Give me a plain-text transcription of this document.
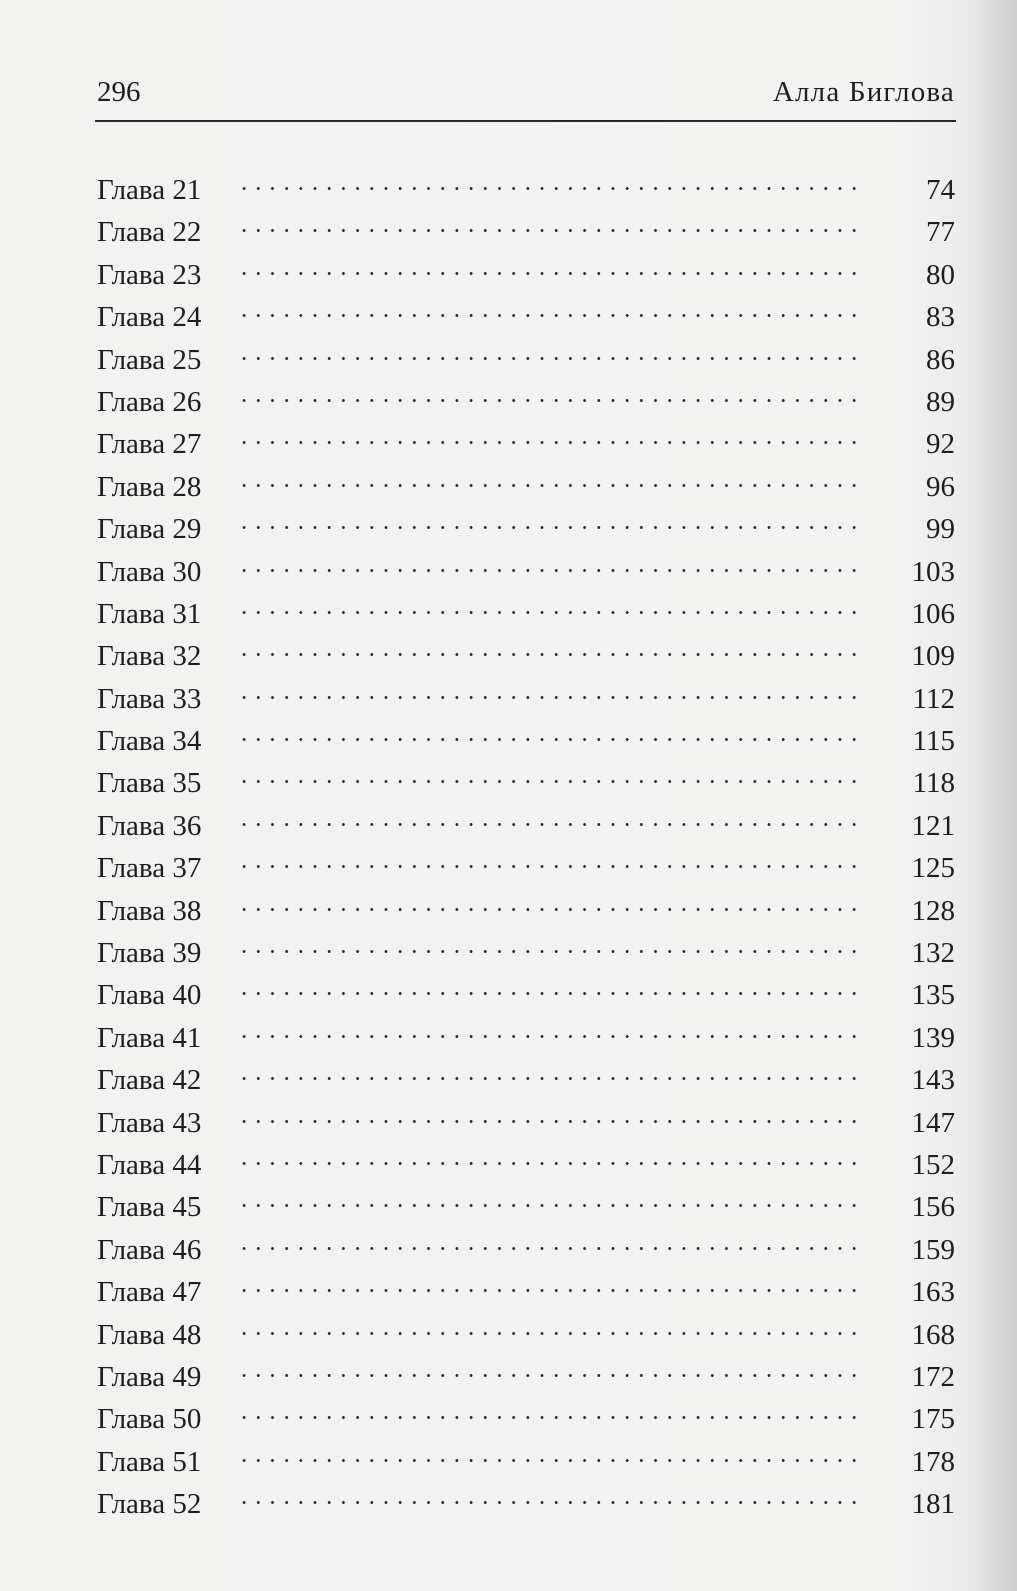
296	Алла Биглова
Глава 21	74
Глава 22	77
Глава 23	80
Глава 24	83
Глава 25	86
Глава 26	89
Глава 27	92
Глава 28	96
Глава 29	99
Глава 30	103
Глава 31	106
Глава 32	109
Глава 33	112
Глава 34	115
Глава 35	118
Глава 36	121
Глава 37	125
Глава 38	128
Глава 39	132
Глава 40	135
Глава 41	139
Глава 42	143
Глава 43	147
Глава 44	152
Глава 45	156
Глава 46	159
Глава 47	163
Глава 48	168
Глава 49	172
Глава 50	175
Глава 51	178
Глава 52	181
